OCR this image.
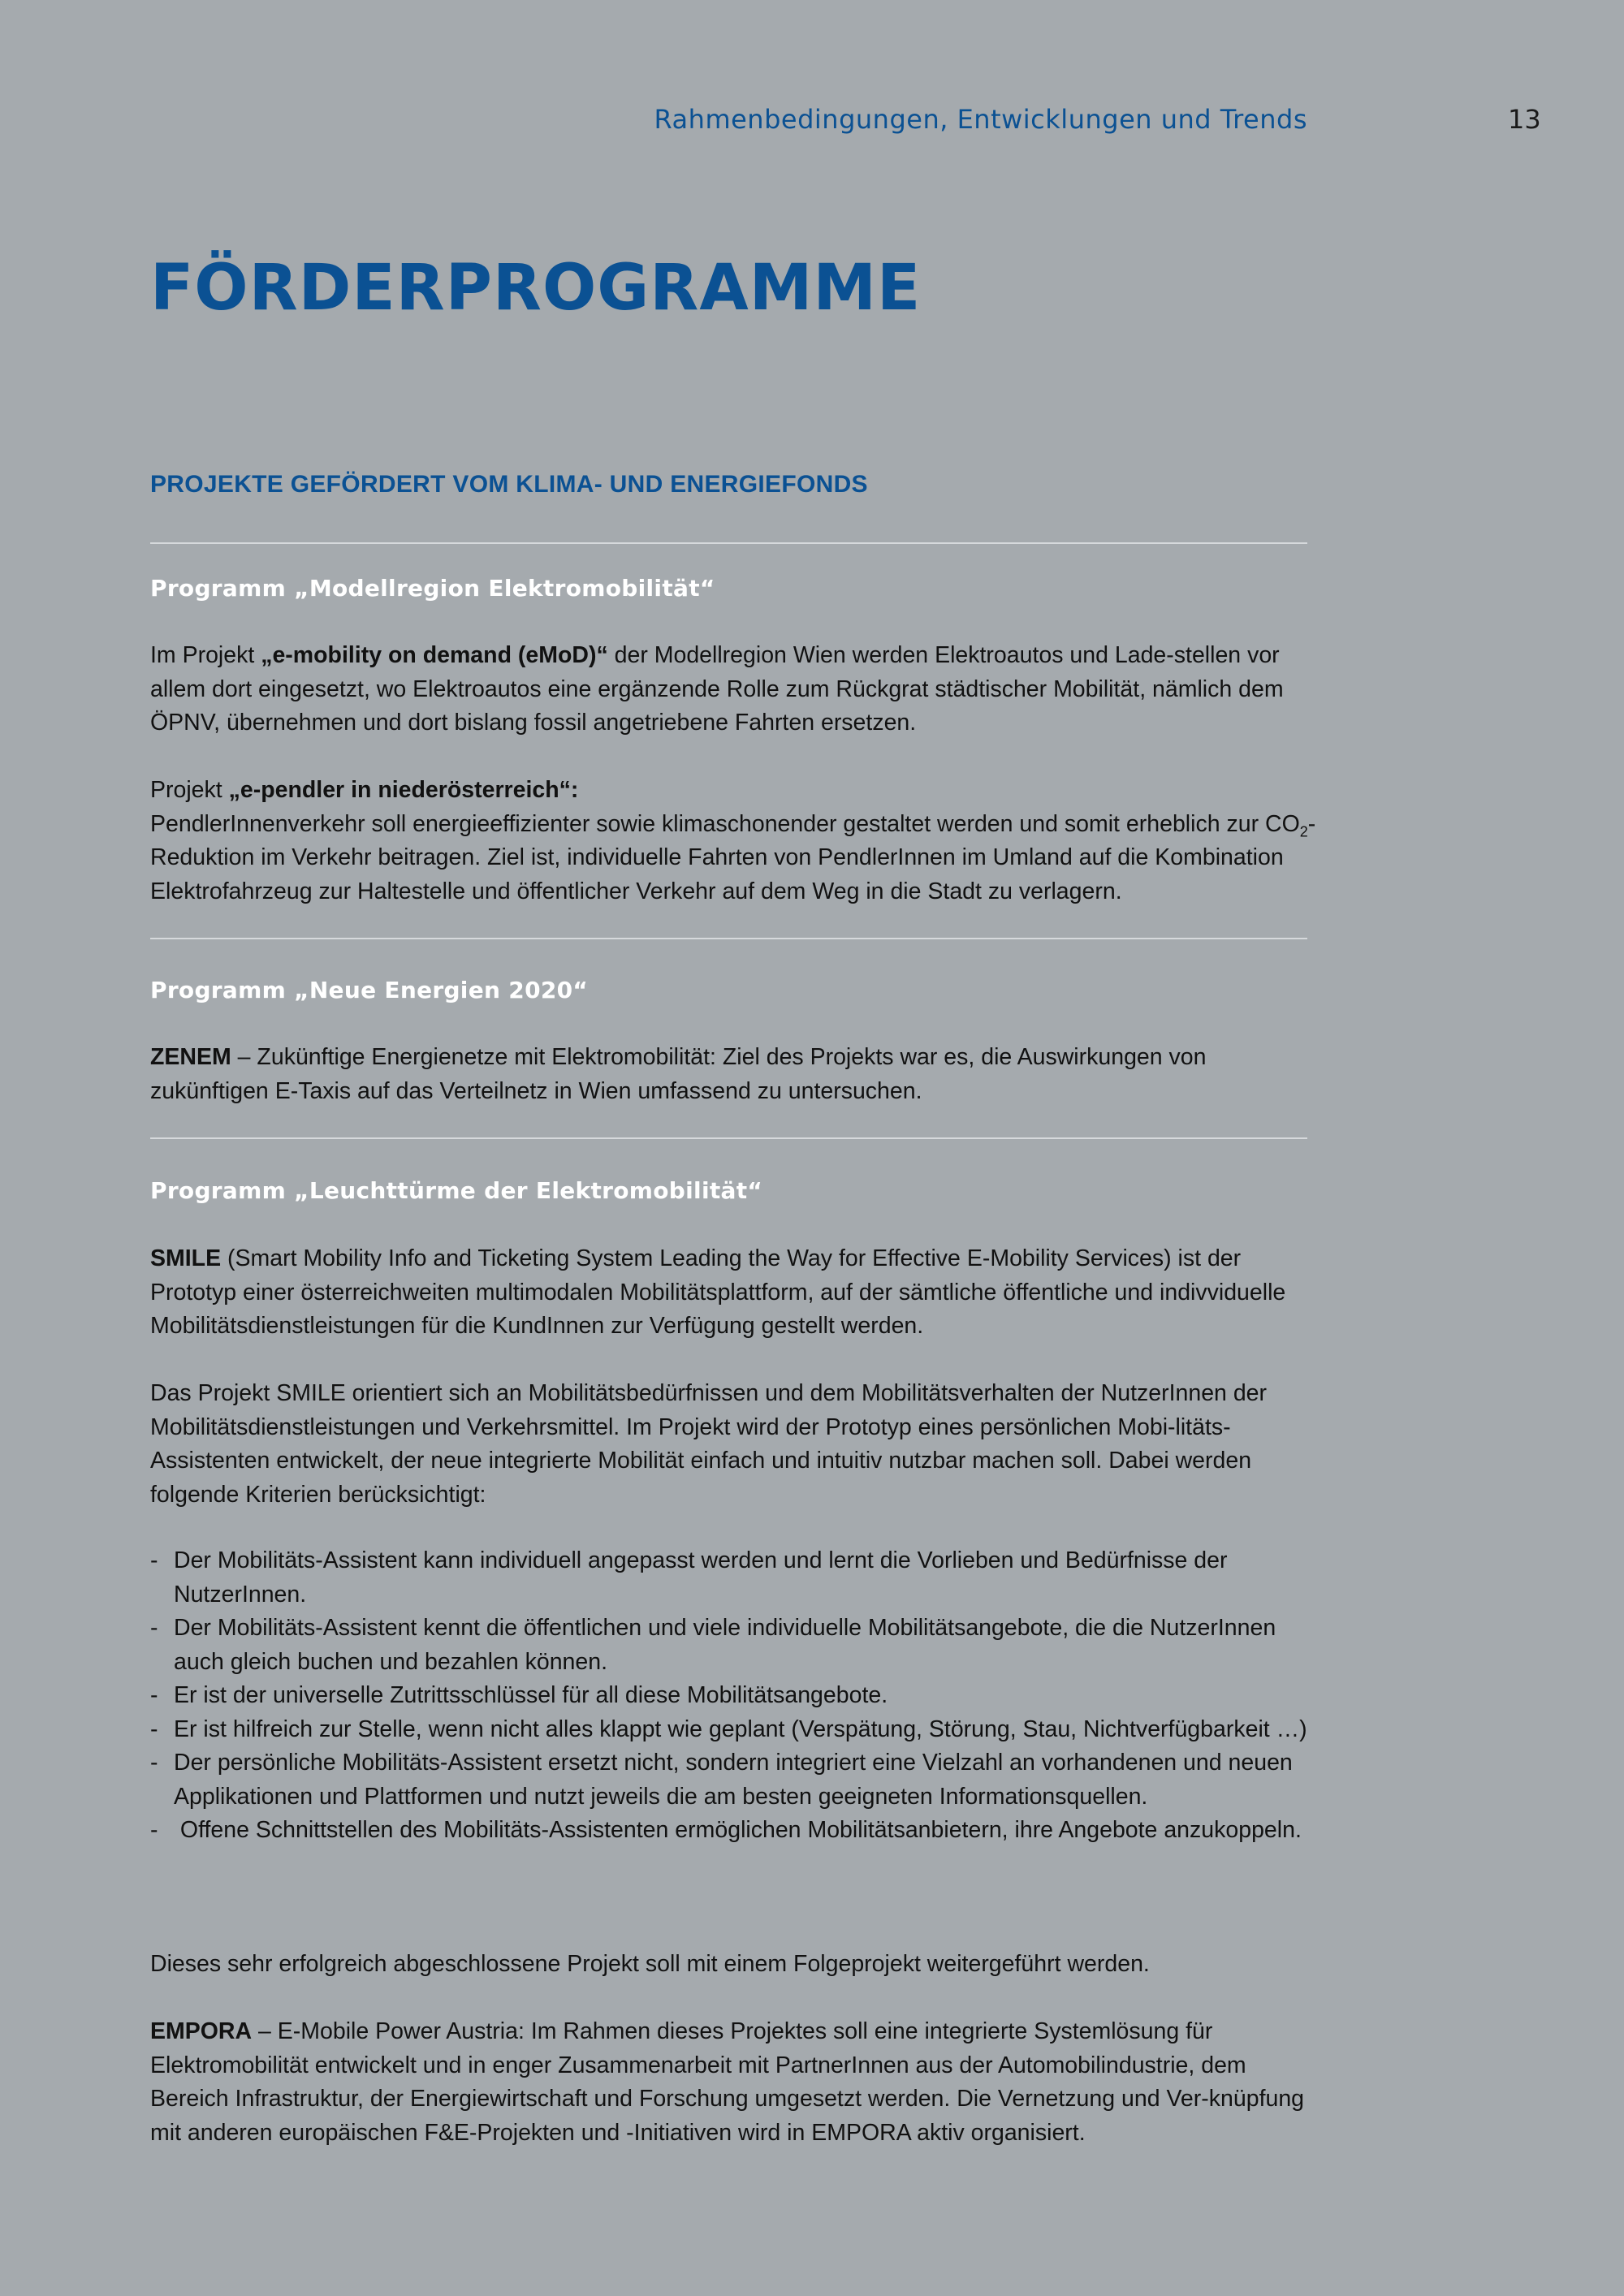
Rahmenbedingungen, Entwicklungen und Trends	13
FÖRDERPROGRAMME
PROJEKTE GEFÖRDERT VOM KLIMA- UND ENERGIEFONDS
Programm „Modellregion Elektromobilität“

Im Projekt „e-mobility on demand (eMoD)“ der Modellregion Wien werden Elektroautos und Lade-stellen vor allem dort eingesetzt, wo Elektroautos eine ergänzende Rolle zum Rückgrat städtischer Mobilität, nämlich dem ÖPNV, übernehmen und dort bislang fossil angetriebene Fahrten ersetzen.

Projekt „e-pendler in niederösterreich“:
PendlerInnenverkehr soll energieeffizienter sowie klimaschonender gestaltet werden und somit erheblich zur $CO_2$-Reduktion im Verkehr beitragen. Ziel ist, individuelle Fahrten von PendlerInnen im Umland auf die Kombination Elektrofahrzeug zur Haltestelle und öffentlicher Verkehr auf dem Weg in die Stadt zu verlagern.

Programm „Neue Energien 2020“

ZENEM – Zukünftige Energienetze mit Elektromobilität: Ziel des Projekts war es, die Auswirkungen von zukünftigen E-Taxis auf das Verteilnetz in Wien umfassend zu untersuchen.

Programm „Leuchttürme der Elektromobilität“

SMILE (Smart Mobility Info and Ticketing System Leading the Way for Effective E-Mobility Services) ist der Prototyp einer österreichweiten multimodalen Mobilitätsplattform, auf der sämtliche öffentliche und indivviduelle Mobilitätsdienstleistungen für die KundInnen zur Verfügung gestellt werden.

Das Projekt SMILE orientiert sich an Mobilitätsbedürfnissen und dem Mobilitätsverhalten der NutzerInnen der Mobilitätsdienstleistungen und Verkehrsmittel. Im Projekt wird der Prototyp eines persönlichen Mobi-litäts-Assistenten entwickelt, der neue integrierte Mobilität einfach und intuitiv nutzbar machen soll. Dabei werden folgende Kriterien berücksichtigt:

- Der Mobilitäts-Assistent kann individuell angepasst werden und lernt die Vorlieben und Bedürfnisse der NutzerInnen.
- Der Mobilitäts-Assistent kennt die öffentlichen und viele individuelle Mobilitätsangebote, die die NutzerInnen auch gleich buchen und bezahlen können.
- Er ist der universelle Zutrittsschlüssel für all diese Mobilitätsangebote.
- Er ist hilfreich zur Stelle, wenn nicht alles klappt wie geplant (Verspätung, Störung, Stau, Nichtverfügbarkeit …)
- Der persönliche Mobilitäts-Assistent ersetzt nicht, sondern integriert eine Vielzahl an vorhandenen und neuen Applikationen und Plattformen und nutzt jeweils die am besten geeigneten Informationsquellen.
-  Offene Schnittstellen des Mobilitäts-Assistenten ermöglichen Mobilitätsanbietern, ihre Angebote anzukoppeln.

Dieses sehr erfolgreich abgeschlossene Projekt soll mit einem Folgeprojekt weitergeführt werden.

EMPORA – E-Mobile Power Austria: Im Rahmen dieses Projektes soll eine integrierte Systemlösung für Elektromobilität entwickelt und in enger Zusammenarbeit mit PartnerInnen aus der Automobilindustrie, dem Bereich Infrastruktur, der Energiewirtschaft und Forschung umgesetzt werden. Die Vernetzung und Ver-knüpfung mit anderen europäischen F&E-Projekten und -Initiativen wird in EMPORA aktiv organisiert.
